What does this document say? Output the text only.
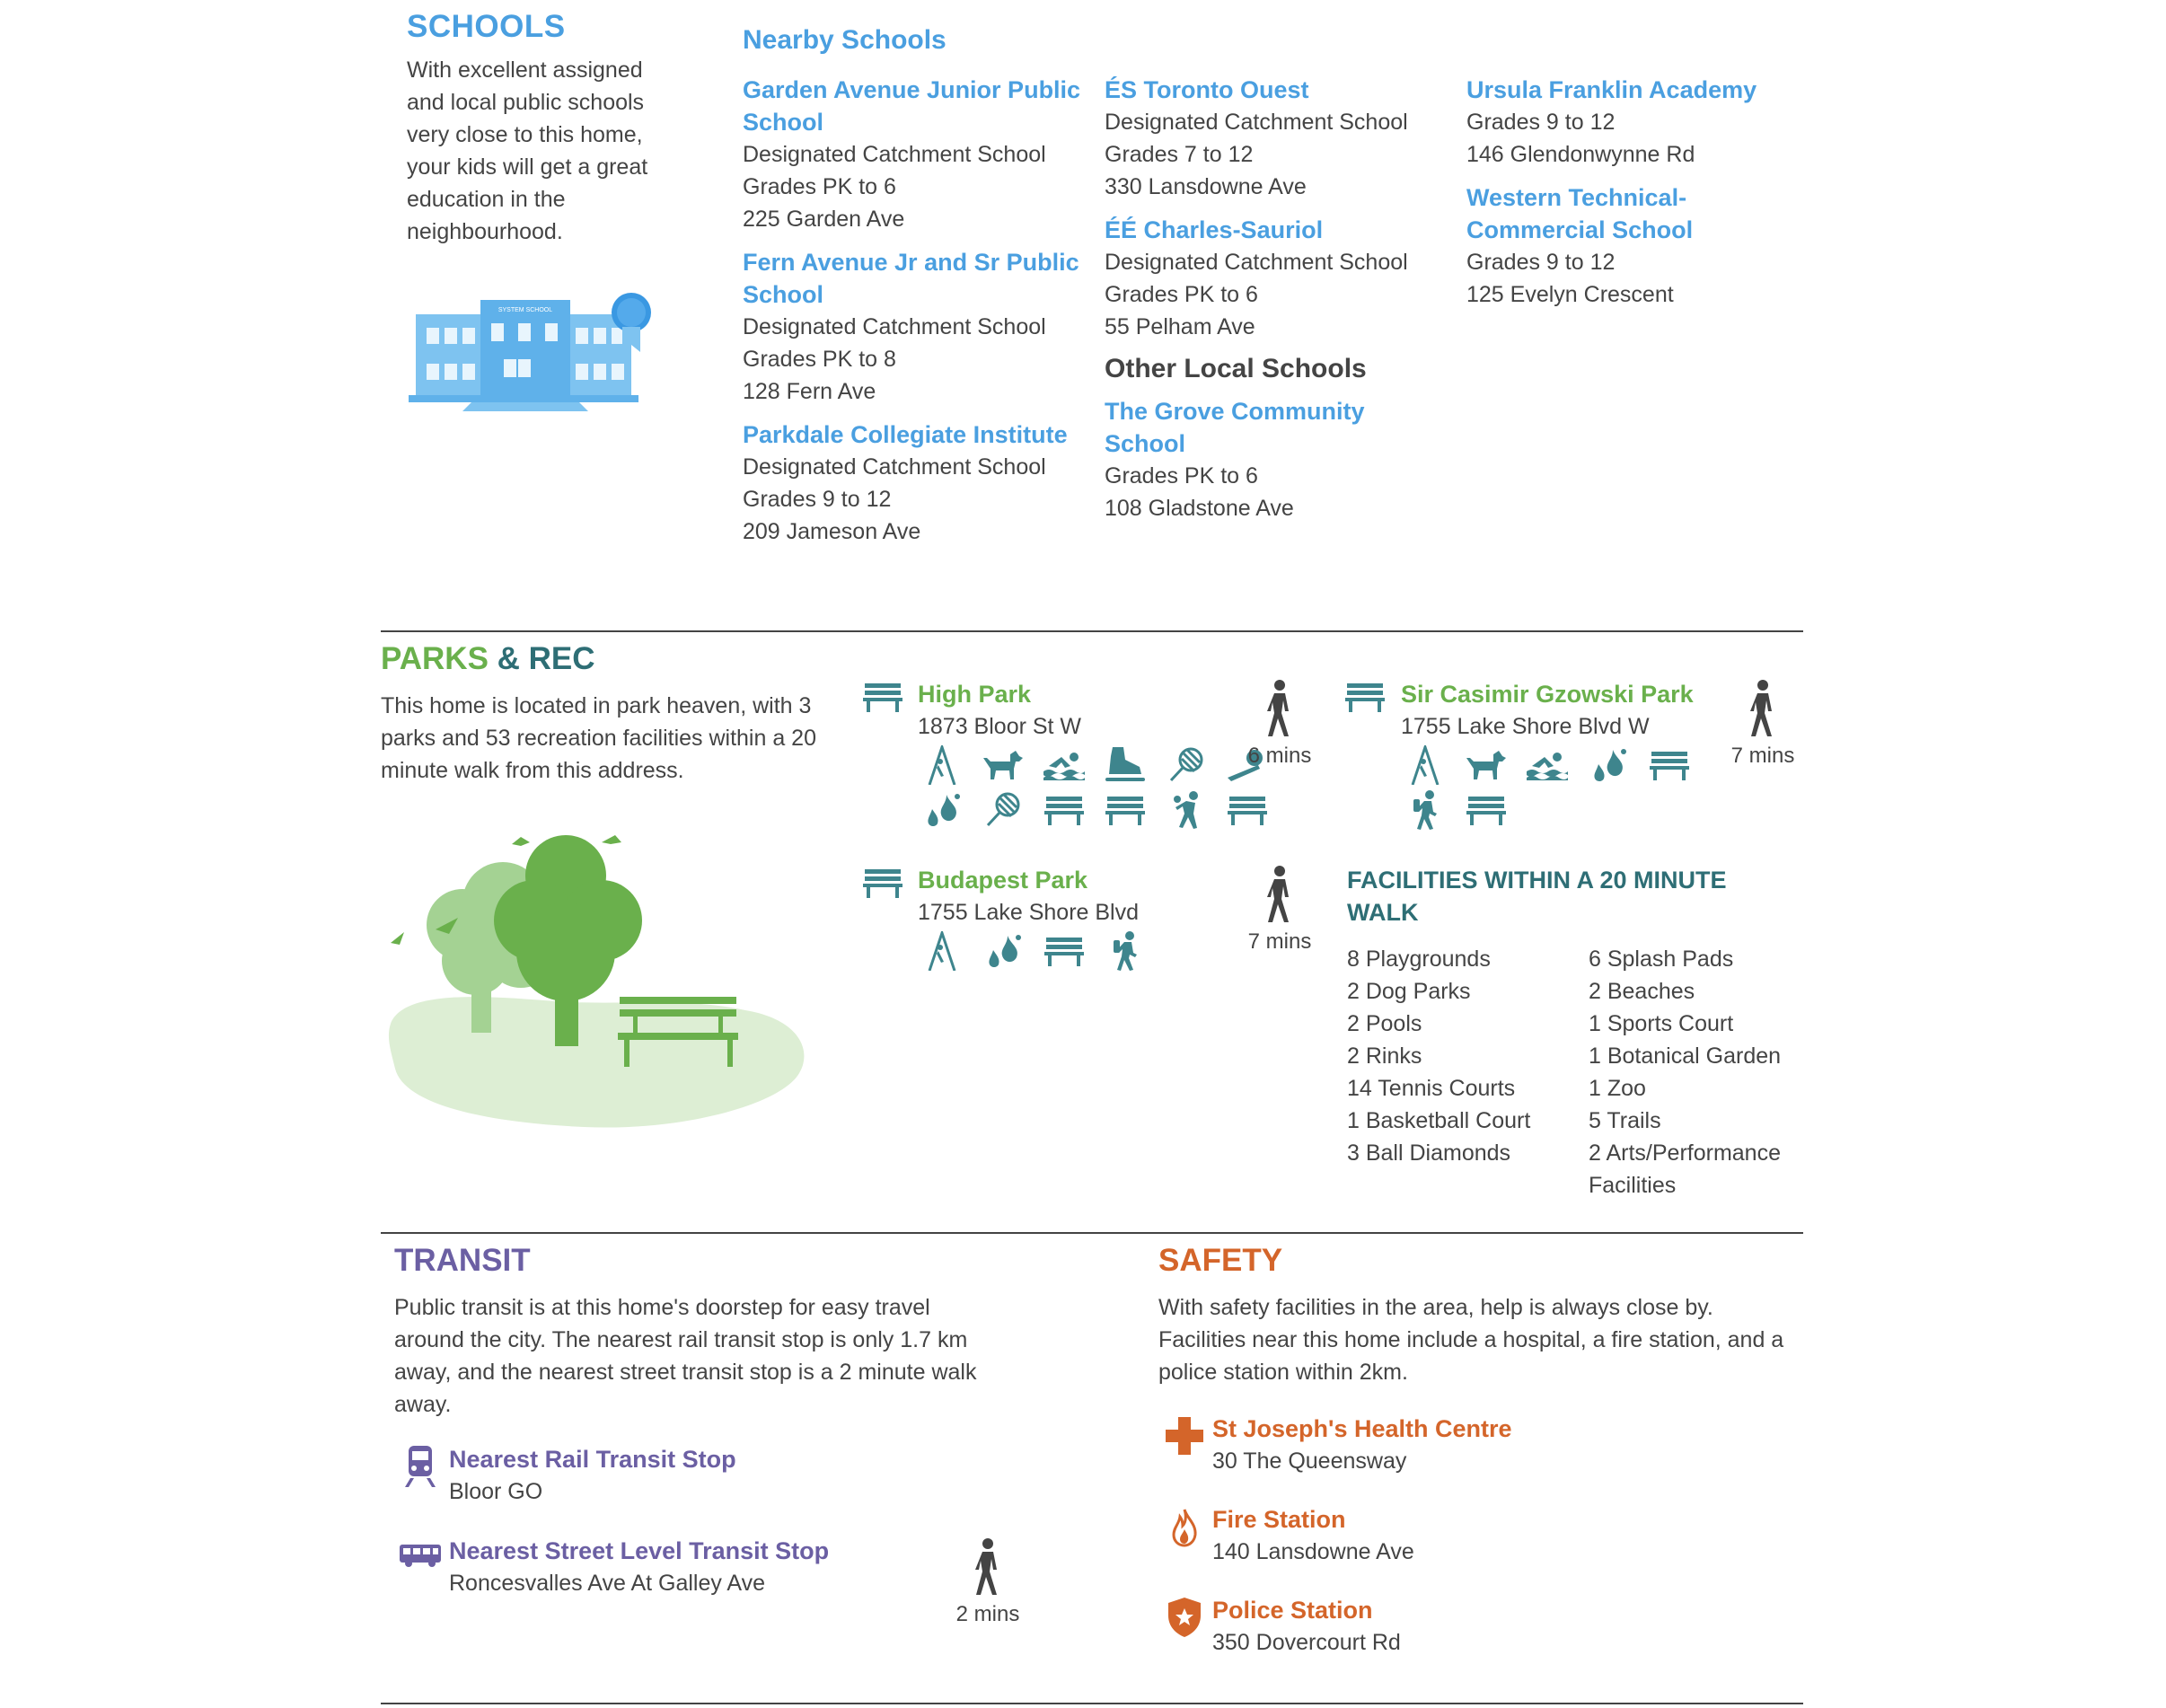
SCHOOLS
With excellent assigned and local public schools very close to this home, your kids will get a great education in the neighbourhood.
SYSTEM SCHOOL
Nearby Schools
Garden Avenue Junior Public School
Designated Catchment School
Grades PK to 6
225 Garden Ave
Fern Avenue Jr and Sr Public School
Designated Catchment School
Grades PK to 8
128 Fern Ave
Parkdale Collegiate Institute
Designated Catchment School
Grades 9 to 12
209 Jameson Ave
ÉS Toronto Ouest
Designated Catchment School
Grades 7 to 12
330 Lansdowne Ave
ÉÉ Charles-Sauriol
Designated Catchment School
Grades PK to 6
55 Pelham Ave
Other Local Schools
The Grove Community School
Grades PK to 6
108 Gladstone Ave
Ursula Franklin Academy
Grades 9 to 12
146 Glendonwynne Rd
Western Technical-Commercial School
Grades 9 to 12
125 Evelyn Crescent
PARKS & REC
This home is located in park heaven, with 3 parks and 53 recreation facilities within a 20 minute walk from this address.
High Park
1873 Bloor St W
6 mins
Sir Casimir Gzowski Park
1755 Lake Shore Blvd W
7 mins
Budapest Park
1755 Lake Shore Blvd
7 mins
FACILITIES WITHIN A 20 MINUTE WALK
8 Playgrounds
2 Dog Parks
2 Pools
2 Rinks
14 Tennis Courts
1 Basketball Court
3 Ball Diamonds
6 Splash Pads
2 Beaches
1 Sports Court
1 Botanical Garden
1 Zoo
5 Trails
2 Arts/Performance Facilities
TRANSIT
Public transit is at this home's doorstep for easy travel around the city. The nearest rail transit stop is only 1.7 km away, and the nearest street transit stop is a 2 minute walk away.
Nearest Rail Transit Stop
Bloor GO
Nearest Street Level Transit Stop
Roncesvalles Ave At Galley Ave
2 mins
SAFETY
With safety facilities in the area, help is always close by. Facilities near this home include a hospital, a fire station, and a police station within 2km.
St Joseph's Health Centre
30 The Queensway
Fire Station
140 Lansdowne Ave
Police Station
350 Dovercourt Rd
